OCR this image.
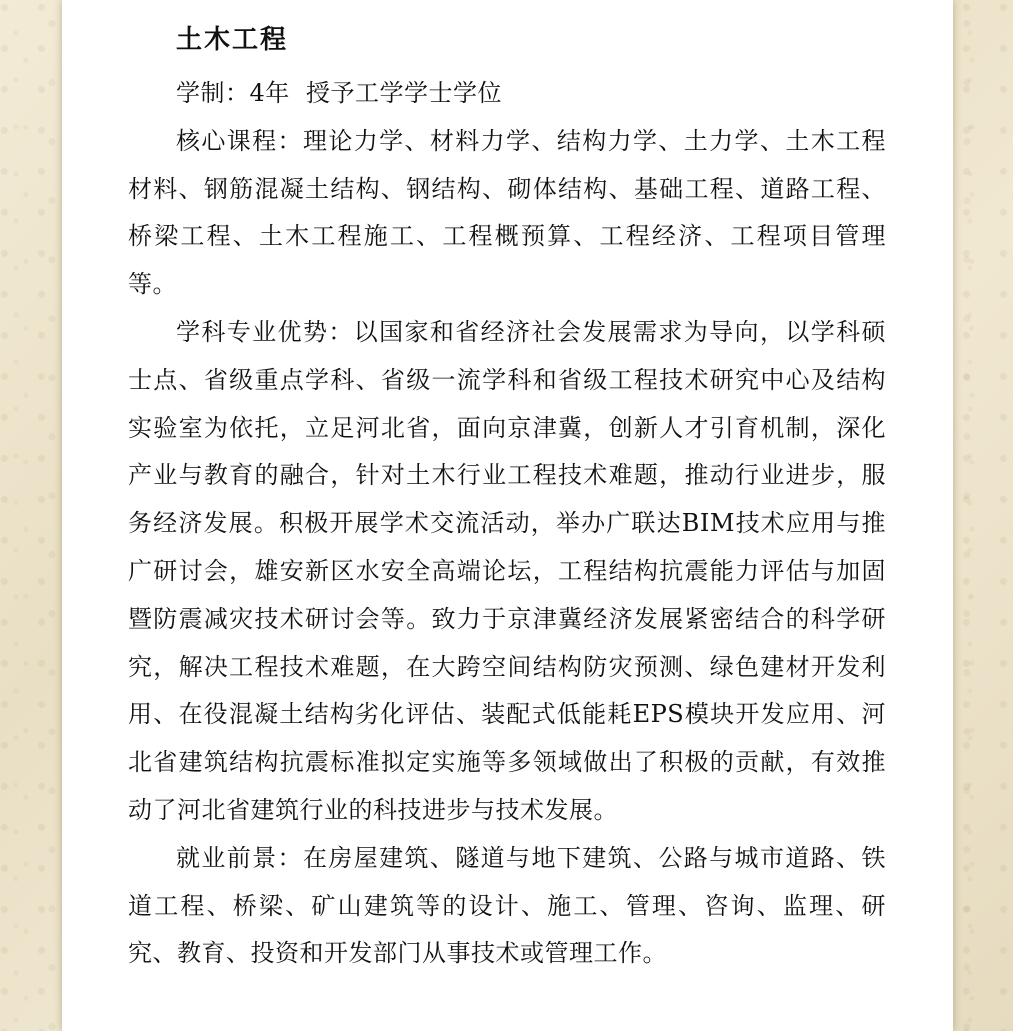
土木工程

学制：4年  授予工学学士学位

核心课程：理论力学、材料力学、结构力学、土力学、土木工程材料、钢筋混凝土结构、钢结构、砌体结构、基础工程、道路工程、桥梁工程、土木工程施工、工程概预算、工程经济、工程项目管理等。

学科专业优势：以国家和省经济社会发展需求为导向，以学科硕士点、省级重点学科、省级一流学科和省级工程技术研究中心及结构实验室为依托，立足河北省，面向京津冀，创新人才引育机制，深化产业与教育的融合，针对土木行业工程技术难题，推动行业进步，服务经济发展。积极开展学术交流活动，举办广联达BIM技术应用与推广研讨会，雄安新区水安全高端论坛，工程结构抗震能力评估与加固暨防震减灾技术研讨会等。致力于京津冀经济发展紧密结合的科学研究，解决工程技术难题，在大跨空间结构防灾预测、绿色建材开发利用、在役混凝土结构劣化评估、装配式低能耗EPS模块开发应用、河北省建筑结构抗震标准拟定实施等多领域做出了积极的贡献，有效推动了河北省建筑行业的科技进步与技术发展。

就业前景：在房屋建筑、隧道与地下建筑、公路与城市道路、铁道工程、桥梁、矿山建筑等的设计、施工、管理、咨询、监理、研究、教育、投资和开发部门从事技术或管理工作。
